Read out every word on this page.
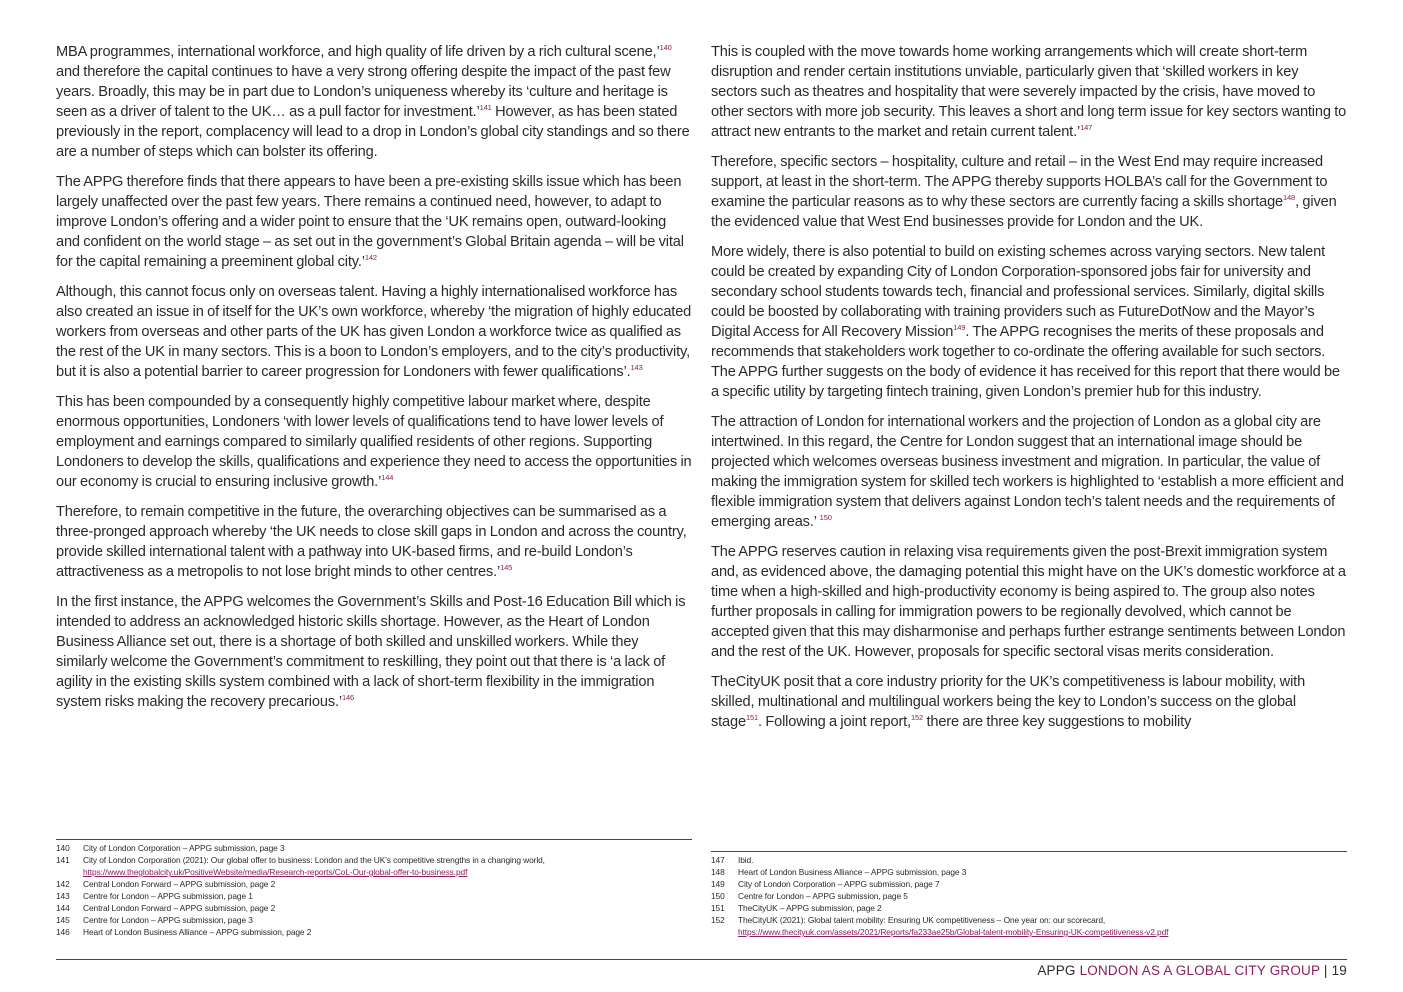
MBA programmes, international workforce, and high quality of life driven by a rich cultural scene,’$^{140}$ and therefore the capital continues to have a very strong offering despite the impact of the past few years. Broadly, this may be in part due to London’s uniqueness whereby its ‘culture and heritage is seen as a driver of talent to the UK… as a pull factor for investment.’$^{141}$ However, as has been stated previously in the report, complacency will lead to a drop in London’s global city standings and so there are a number of steps which can bolster its offering.

The APPG therefore finds that there appears to have been a pre-existing skills issue which has been largely unaffected over the past few years. There remains a continued need, however, to adapt to improve London’s offering and a wider point to ensure that the ‘UK remains open, outward-looking and confident on the world stage – as set out in the government’s Global Britain agenda – will be vital for the capital remaining a preeminent global city.’$^{142}$

Although, this cannot focus only on overseas talent. Having a highly internationalised workforce has also created an issue in of itself for the UK’s own workforce, whereby ‘the migration of highly educated workers from overseas and other parts of the UK has given London a workforce twice as qualified as the rest of the UK in many sectors. This is a boon to London’s employers, and to the city’s productivity, but it is also a potential barrier to career progression for Londoners with fewer qualifications’.$^{143}$

This has been compounded by a consequently highly competitive labour market where, despite enormous opportunities, Londoners ‘with lower levels of qualifications tend to have lower levels of employment and earnings compared to similarly qualified residents of other regions. Supporting Londoners to develop the skills, qualifications and experience they need to access the opportunities in our economy is crucial to ensuring inclusive growth.’$^{144}$

Therefore, to remain competitive in the future, the overarching objectives can be summarised as a three-pronged approach whereby ‘the UK needs to close skill gaps in London and across the country, provide skilled international talent with a pathway into UK-based firms, and re-build London’s attractiveness as a metropolis to not lose bright minds to other centres.’$^{145}$

In the first instance, the APPG welcomes the Government’s Skills and Post-16 Education Bill which is intended to address an acknowledged historic skills shortage. However, as the Heart of London Business Alliance set out, there is a shortage of both skilled and unskilled workers. While they similarly welcome the Government’s commitment to reskilling, they point out that there is ‘a lack of agility in the existing skills system combined with a lack of short-term flexibility in the immigration system risks making the recovery precarious.’$^{146}$

This is coupled with the move towards home working arrangements which will create short-term disruption and render certain institutions unviable, particularly given that ‘skilled workers in key sectors such as theatres and hospitality that were severely impacted by the crisis, have moved to other sectors with more job security. This leaves a short and long term issue for key sectors wanting to attract new entrants to the market and retain current talent.’$^{147}$

Therefore, specific sectors – hospitality, culture and retail – in the West End may require increased support, at least in the short-term. The APPG thereby supports HOLBA’s call for the Government to examine the particular reasons as to why these sectors are currently facing a skills shortage$^{148}$, given the evidenced value that West End businesses provide for London and the UK.

More widely, there is also potential to build on existing schemes across varying sectors. New talent could be created by expanding City of London Corporation-sponsored jobs fair for university and secondary school students towards tech, financial and professional services. Similarly, digital skills could be boosted by collaborating with training providers such as FutureDotNow and the Mayor’s Digital Access for All Recovery Mission$^{149}$. The APPG recognises the merits of these proposals and recommends that stakeholders work together to co-ordinate the offering available for such sectors. The APPG further suggests on the body of evidence it has received for this report that there would be a specific utility by targeting fintech training, given London’s premier hub for this industry.

The attraction of London for international workers and the projection of London as a global city are intertwined. In this regard, the Centre for London suggest that an international image should be projected which welcomes overseas business investment and migration. In particular, the value of making the immigration system for skilled tech workers is highlighted to ‘establish a more efficient and flexible immigration system that delivers against London tech’s talent needs and the requirements of emerging areas.’ $^{150}$

The APPG reserves caution in relaxing visa requirements given the post-Brexit immigration system and, as evidenced above, the damaging potential this might have on the UK’s domestic workforce at a time when a high-skilled and high-productivity economy is being aspired to. The group also notes further proposals in calling for immigration powers to be regionally devolved, which cannot be accepted given that this may disharmonise and perhaps further estrange sentiments between London and the rest of the UK. However, proposals for specific sectoral visas merits consideration.

TheCityUK posit that a core industry priority for the UK’s competitiveness is labour mobility, with skilled, multinational and multilingual workers being the key to London’s success on the global stage$^{151}$. Following a joint report,$^{152}$ there are three key suggestions to mobility

140	City of London Corporation – APPG submission, page 3
141	City of London Corporation (2021): Our global offer to business: London and the UK’s competitive strengths in a changing world, https://www.theglobalcity.uk/PositiveWebsite/media/Research-reports/CoL-Our-global-offer-to-business.pdf
142	Central London Forward – APPG submission, page 2
143	Centre for London – APPG submission, page 1
144	Central London Forward – APPG submission, page 2
145	Centre for London – APPG submission, page 3
146	Heart of London Business Alliance – APPG submission, page 2
147	Ibid.
148	Heart of London Business Alliance – APPG submission, page 3
149	City of London Corporation – APPG submission, page 7
150	Centre for London – APPG submission, page 5
151	TheCityUK – APPG submission, page 2
152	TheCityUK (2021): Global talent mobility: Ensuring UK competitiveness – One year on: our scorecard, https://www.thecityuk.com/assets/2021/Reports/fa233ae25b/Global-talent-mobility-Ensuring-UK-competitiveness-v2.pdf
APPG LONDON AS A GLOBAL CITY GROUP | 19
